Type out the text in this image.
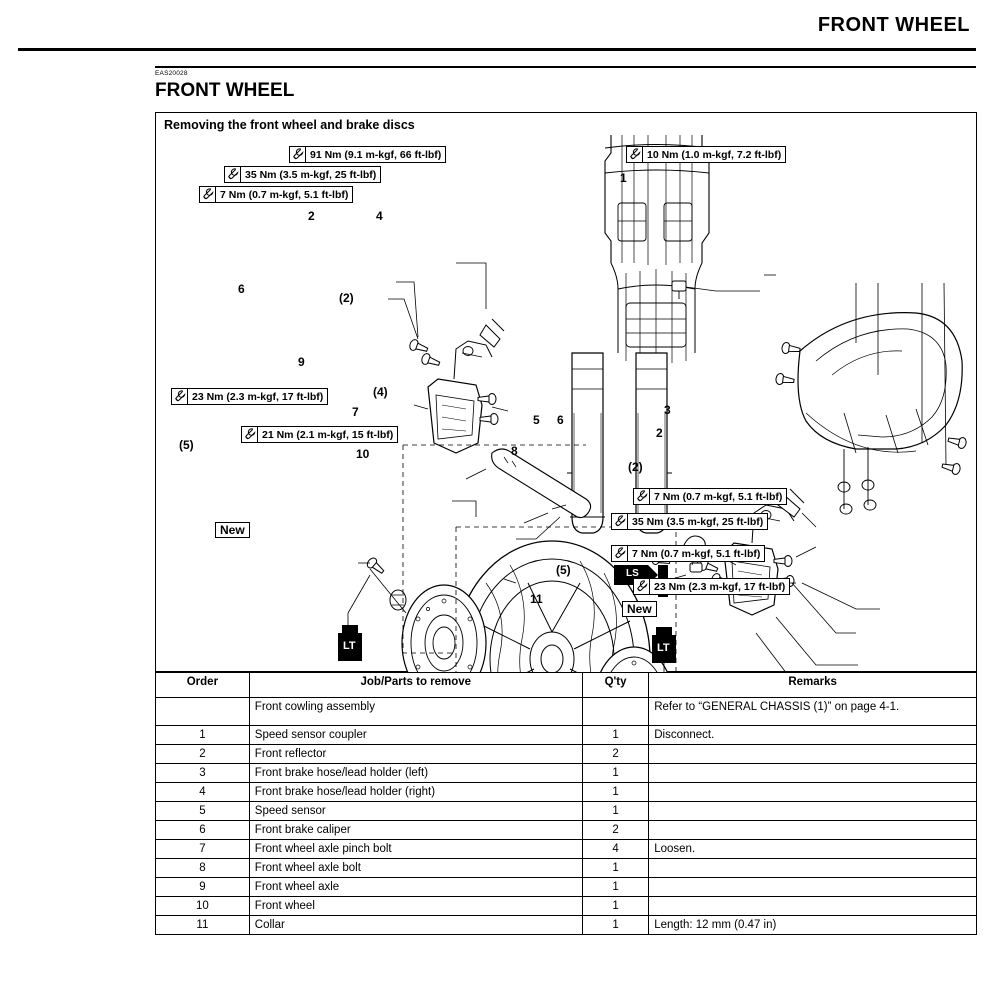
FRONT WHEEL
EAS20028
FRONT WHEEL
Removing the front wheel and brake discs
LS
LT	LT
91 Nm (9.1 m-kgf, 66 ft-lbf)
35 Nm (3.5 m-kgf, 25 ft-lbf)
7 Nm (0.7 m-kgf, 5.1 ft-lbf)
10 Nm (1.0 m-kgf, 7.2 ft-lbf)
23 Nm (2.3 m-kgf, 17 ft-lbf)
21 Nm (2.1 m-kgf, 15 ft-lbf)
7 Nm (0.7 m-kgf, 5.1 ft-lbf)
35 Nm (3.5 m-kgf, 25 ft-lbf)
7 Nm (0.7 m-kgf, 5.1 ft-lbf)
23 Nm (2.3 m-kgf, 17 ft-lbf)
New
New
1
2	4
6
(2)
9
(4)
7
(5)
10
5 6
8
3
2
(2)
(5)
11
Order	Job/Parts to remove	Q'ty	Remarks
	Front cowling assembly		Refer to “GENERAL CHASSIS (1)” on page 4-1.
1	Speed sensor coupler	1	Disconnect.
2	Front reflector	2	
3	Front brake hose/lead holder (left)	1	
4	Front brake hose/lead holder (right)	1	
5	Speed sensor	1	
6	Front brake caliper	2	
7	Front wheel axle pinch bolt	4	Loosen.
8	Front wheel axle bolt	1	
9	Front wheel axle	1	
10	Front wheel	1	
11	Collar	1	Length: 12 mm (0.47 in)
